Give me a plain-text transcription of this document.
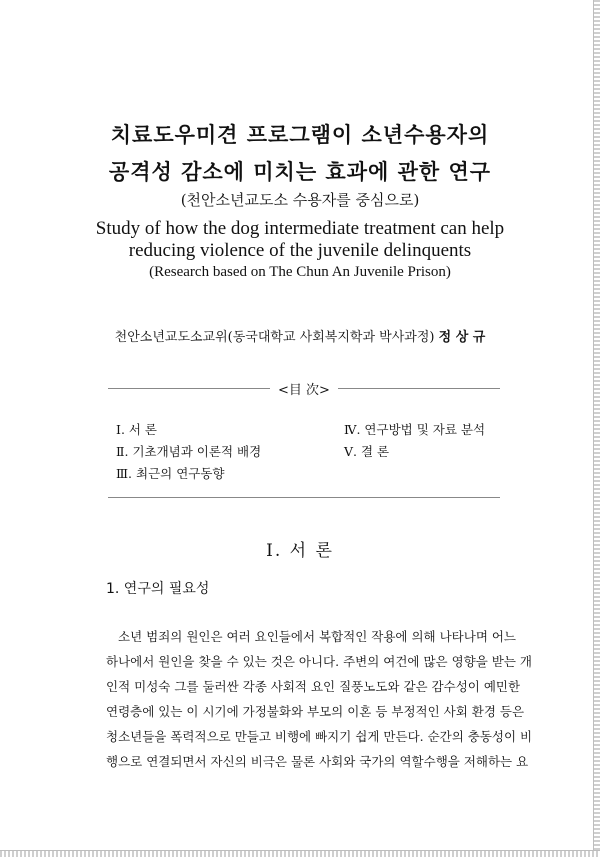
치료도우미견 프로그램이 소년수용자의
공격성 감소에 미치는 효과에 관한 연구
(천안소년교도소 수용자를 중심으로)
Study of how the dog intermediate treatment can help
reducing violence of the juvenile delinquents
(Research based on The Chun An Juvenile Prison)
천안소년교도소교위(동국대학교 사회복지학과 박사과정) 정 상 규
<目 次>
Ⅰ. 서 론
Ⅱ. 기초개념과 이론적 배경
Ⅲ. 최근의 연구동향
Ⅳ. 연구방법 및 자료 분석
Ⅴ. 결 론
Ⅰ. 서 론
1. 연구의 필요성
소년 범죄의 원인은 여러 요인들에서 복합적인 작용에 의해 나타나며 어느
하나에서 원인을 찾을 수 있는 것은 아니다. 주변의 여건에 많은 영향을 받는 개
인적 미성숙 그를 둘러싼 각종 사회적 요인 질풍노도와 같은 감수성이 예민한
연령층에 있는 이 시기에 가정불화와 부모의 이혼 등 부정적인 사회 환경 등은
청소년들을 폭력적으로 만들고 비행에 빠지기 쉽게 만든다. 순간의 충동성이 비
행으로 연결되면서 자신의 비극은 물론 사회와 국가의 역할수행을 저해하는 요
